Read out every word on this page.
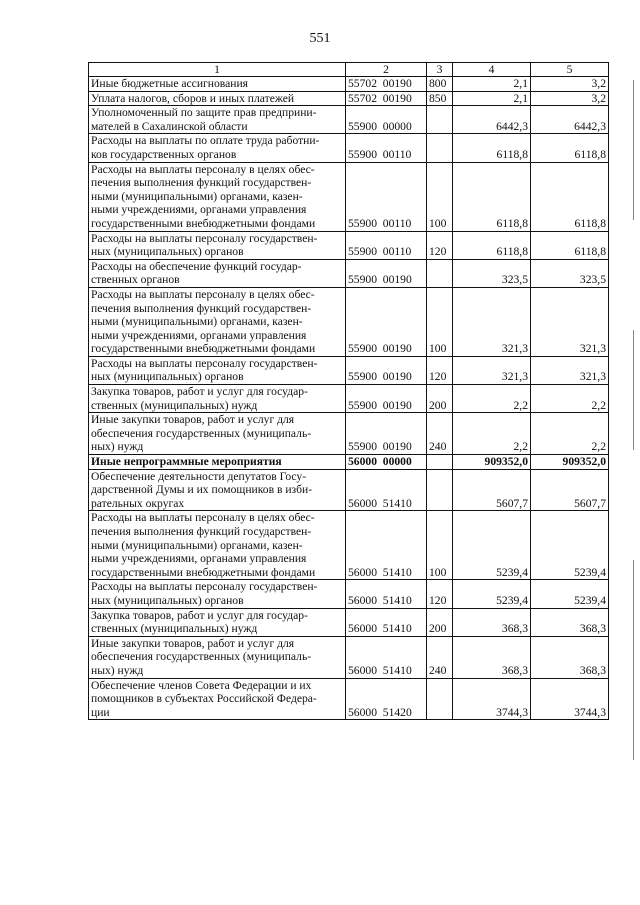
551
1	2	3	4	5
Иные бюджетные ассигнования	55702  00190	800	2,1	3,2
Уплата налогов, сборов и иных платежей	55702  00190	850	2,1	3,2
Уполномоченный по защите прав предприни-
мателей в Сахалинской области	55900  00000		6442,3	6442,3
Расходы на выплаты по оплате труда работни-
ков государственных органов	55900  00110		6118,8	6118,8
Расходы на выплаты персоналу в целях обес-
печения выполнения функций государствен-
ными (муниципальными) органами, казен-
ными учреждениями, органами управления
государственными внебюджетными фондами	55900  00110	100	6118,8	6118,8
Расходы на выплаты персоналу государствен-
ных (муниципальных) органов	55900  00110	120	6118,8	6118,8
Расходы на обеспечение функций государ-
ственных органов	55900  00190		323,5	323,5
Расходы на выплаты персоналу в целях обес-
печения выполнения функций государствен-
ными (муниципальными) органами, казен-
ными учреждениями, органами управления
государственными внебюджетными фондами	55900  00190	100	321,3	321,3
Расходы на выплаты персоналу государствен-
ных (муниципальных) органов	55900  00190	120	321,3	321,3
Закупка товаров, работ и услуг для государ-
ственных (муниципальных) нужд	55900  00190	200	2,2	2,2
Иные закупки товаров, работ и услуг для
обеспечения государственных (муниципаль-
ных) нужд	55900  00190	240	2,2	2,2
Иные непрограммные мероприятия	56000  00000		909352,0	909352,0
Обеспечение деятельности депутатов Госу-
дарственной Думы и их помощников в изби-
рательных округах	56000  51410		5607,7	5607,7
Расходы на выплаты персоналу в целях обес-
печения выполнения функций государствен-
ными (муниципальными) органами, казен-
ными учреждениями, органами управления
государственными внебюджетными фондами	56000  51410	100	5239,4	5239,4
Расходы на выплаты персоналу государствен-
ных (муниципальных) органов	56000  51410	120	5239,4	5239,4
Закупка товаров, работ и услуг для государ-
ственных (муниципальных) нужд	56000  51410	200	368,3	368,3
Иные закупки товаров, работ и услуг для
обеспечения государственных (муниципаль-
ных) нужд	56000  51410	240	368,3	368,3
Обеспечение членов Совета Федерации и их
помощников в субъектах Российской Федера-
ции	56000  51420		3744,3	3744,3
